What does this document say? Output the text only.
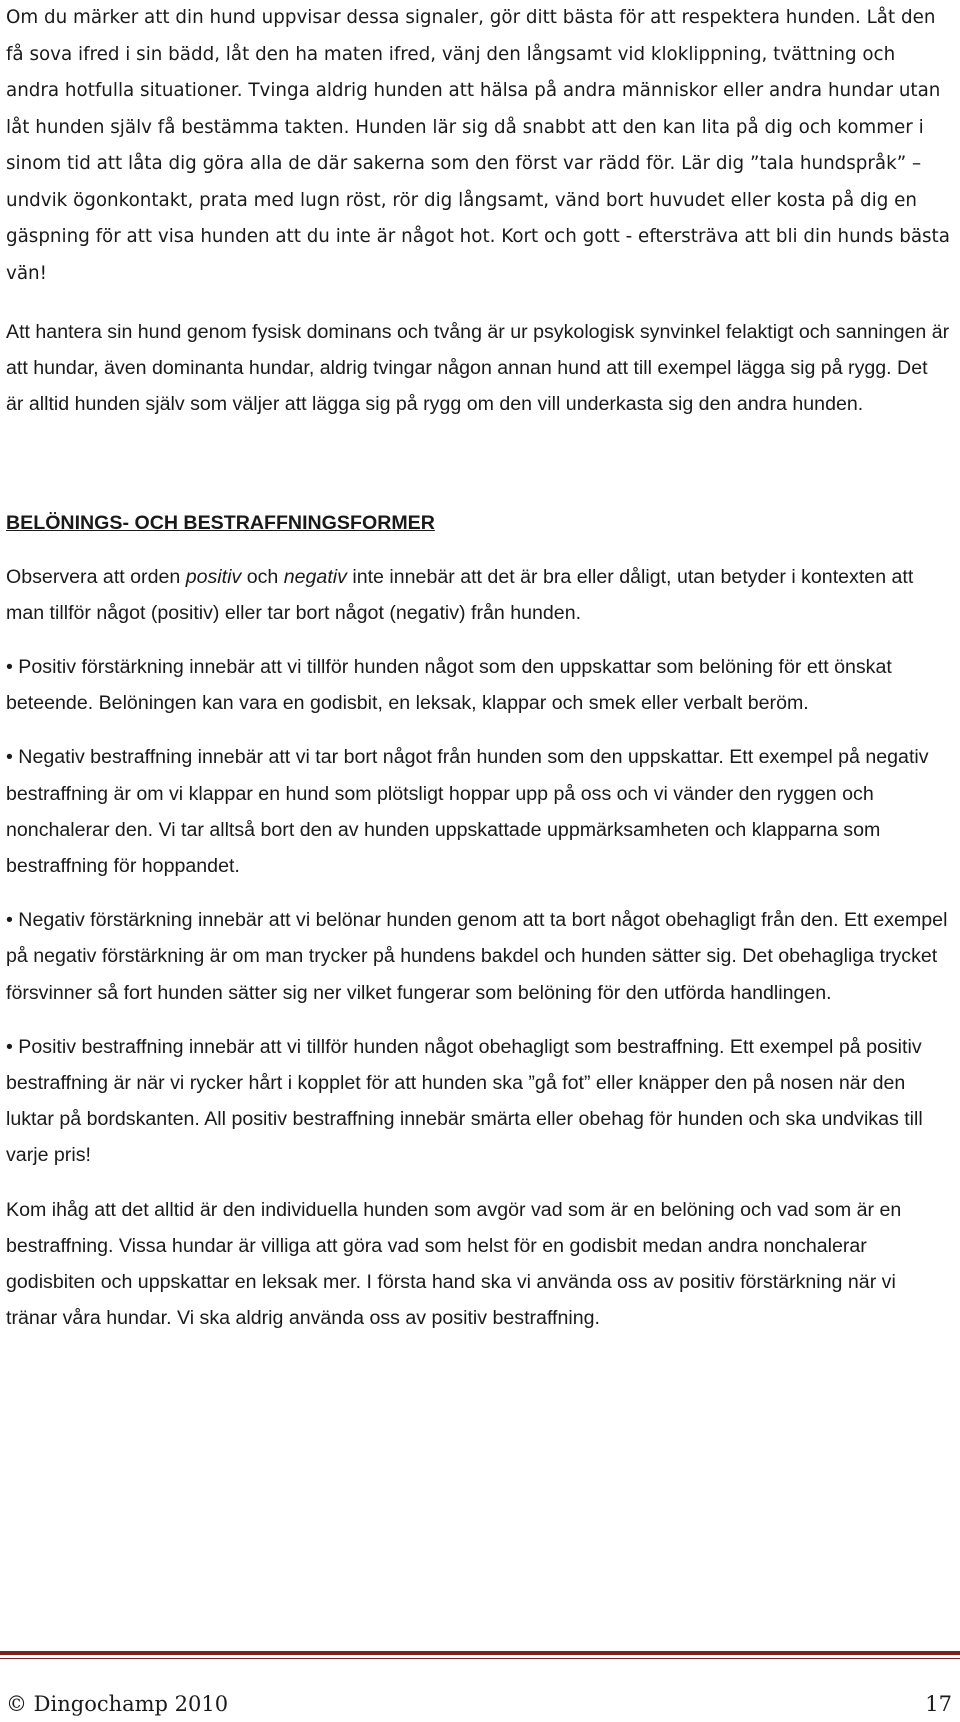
Om du märker att din hund uppvisar dessa signaler, gör ditt bästa för att respektera hunden. Låt den få sova ifred i sin bädd, låt den ha maten ifred, vänj den långsamt vid kloklippning, tvättning och andra hotfulla situationer. Tvinga aldrig hunden att hälsa på andra människor eller andra hundar utan låt hunden själv få bestämma takten. Hunden lär sig då snabbt att den kan lita på dig och kommer i sinom tid att låta dig göra alla de där sakerna som den först var rädd för. Lär dig ”tala hundspråk” – undvik ögonkontakt, prata med lugn röst, rör dig långsamt, vänd bort huvudet eller kosta på dig en gäspning för att visa hunden att du inte är något hot. Kort och gott - eftersträva att bli din hunds bästa vän!

Att hantera sin hund genom fysisk dominans och tvång är ur psykologisk synvinkel felaktigt och sanningen är att hundar, även dominanta hundar, aldrig tvingar någon annan hund att till exempel lägga sig på rygg. Det är alltid hunden själv som väljer att lägga sig på rygg om den vill underkasta sig den andra hunden.

BELÖNINGS- OCH BESTRAFFNINGSFORMER

Observera att orden positiv och negativ inte innebär att det är bra eller dåligt, utan betyder i kontexten att man tillför något (positiv) eller tar bort något (negativ) från hunden.

• Positiv förstärkning innebär att vi tillför hunden något som den uppskattar som belöning för ett önskat beteende. Belöningen kan vara en godisbit, en leksak, klappar och smek eller verbalt beröm.

• Negativ bestraffning innebär att vi tar bort något från hunden som den uppskattar. Ett exempel på negativ bestraffning är om vi klappar en hund som plötsligt hoppar upp på oss och vi vänder den ryggen och nonchalerar den. Vi tar alltså bort den av hunden uppskattade uppmärksamheten och klapparna som bestraffning för hoppandet.

• Negativ förstärkning innebär att vi belönar hunden genom att ta bort något obehagligt från den. Ett exempel på negativ förstärkning är om man trycker på hundens bakdel och hunden sätter sig. Det obehagliga trycket försvinner så fort hunden sätter sig ner vilket fungerar som belöning för den utförda handlingen.

• Positiv bestraffning innebär att vi tillför hunden något obehagligt som bestraffning. Ett exempel på positiv bestraffning är när vi rycker hårt i kopplet för att hunden ska ”gå fot” eller knäpper den på nosen när den luktar på bordskanten. All positiv bestraffning innebär smärta eller obehag för hunden och ska undvikas till varje pris!

Kom ihåg att det alltid är den individuella hunden som avgör vad som är en belöning och vad som är en bestraffning. Vissa hundar är villiga att göra vad som helst för en godisbit medan andra nonchalerar godisbiten och uppskattar en leksak mer. I första hand ska vi använda oss av positiv förstärkning när vi tränar våra hundar. Vi ska aldrig använda oss av positiv bestraffning.

© Dingochamp 2010	17
